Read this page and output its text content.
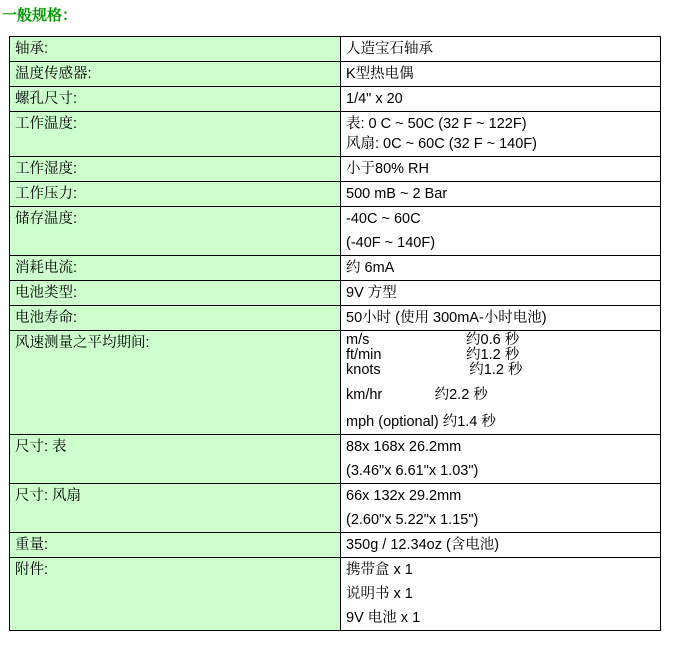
一般规格：
轴承:	人造宝石轴承

温度传感器:	K型热电偶

螺孔尺寸:	1/4" x 20

工作温度:	表: 0 C ~ 50C (32 F ~ 122F)
风扇: 0C ~ 60C (32 F ~ 140F)

工作湿度:	小于80% RH

工作压力:	500 mB ~ 2 Bar

储存温度:	-40C ~ 60C
(-40F ~ 140F)

消耗电流:	约 6mA

电池类型:	9V 方型

电池寿命:	50小时 (使用 300mA-小时电池)

风速测量之平均期间:	m/s                        约0.6 秒
ft/min                     约1.2 秒
knots                      约1.2 秒
km/hr             约2.2 秒
mph (optional) 约1.4 秒

尺寸: 表	88x 168x 26.2mm
(3.46"x 6.61"x 1.03")

尺寸: 风扇	66x 132x 29.2mm
(2.60"x 5.22"x 1.15")

重量:	350g / 12.34oz (含电池)

附件:	携带盒 x 1
说明书 x 1
9V 电池 x 1
